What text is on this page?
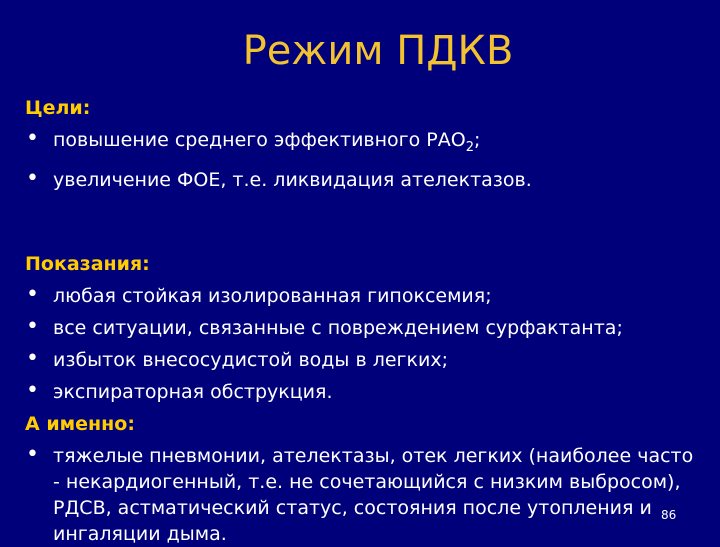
Режим ПДКВ
Цели:
• повышение среднего эффективного $РАО_2$;
• увеличение ФОЕ, т.е. ликвидация ателектазов.
Показания:
• любая стойкая изолированная гипоксемия;
• все ситуации, связанные с повреждением сурфактанта;
• избыток внесосудистой воды в легких;
• экспираторная обструкция.
А именно:
• тяжелые пневмонии, ателектазы, отек легких (наиболее часто - некардиогенный, т.е. не сочетающийся с низким выбросом), РДСВ, астматический статус, состояния после утопления и ингаляции дыма.
86
